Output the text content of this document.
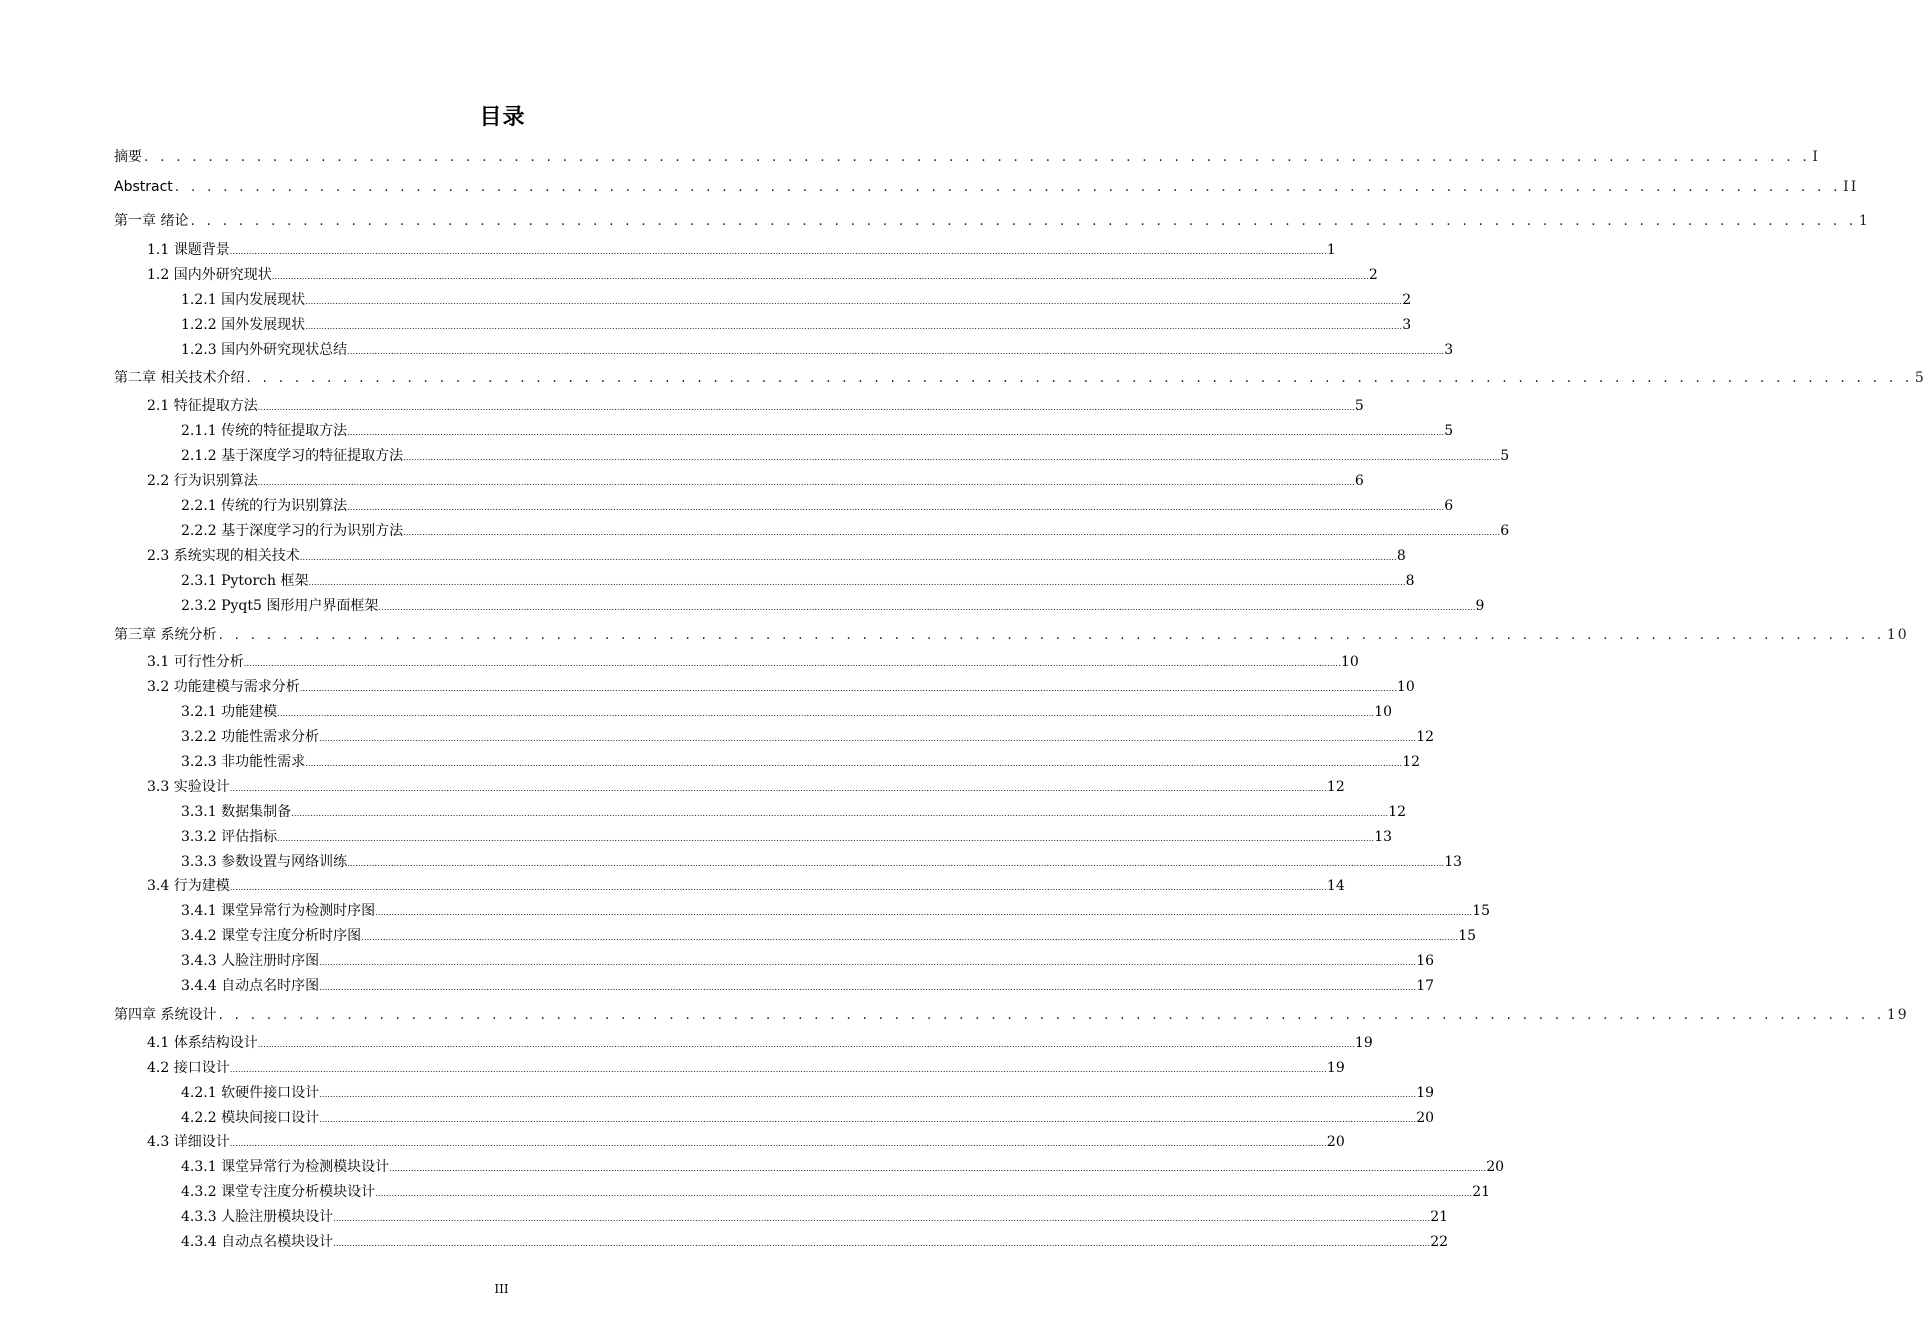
目录
摘要 . . . . . . . . . . . . . . . . . . . . . . . . . . . . . . . . . . . . . . . . . . . . . . . . . . . . . . . . . . . . . . . . . . . . . . . . . . . . . . . . . . . . . . . . . . . . . . . . . . . . . . . . I
Abstract . . . . . . . . . . . . . . . . . . . . . . . . . . . . . . . . . . . . . . . . . . . . . . . . . . . . . . . . . . . . . . . . . . . . . . . . . . . . . . . . . . . . . . . . . . . . . . . . . . . . . . . . II
第一章 绪论 . . . . . . . . . . . . . . . . . . . . . . . . . . . . . . . . . . . . . . . . . . . . . . . . . . . . . . . . . . . . . . . . . . . . . . . . . . . . . . . . . . . . . . . . . . . . . . . . . . . . . . . . 1
1.1 课题背景 ................................................................................................................................................................................................................................................................................................................................................................................................................ 1
1.2 国内外研究现状 ................................................................................................................................................................................................................................................................................................................................................................................................................ 2
1.2.1 国内发展现状 ................................................................................................................................................................................................................................................................................................................................................................................................................ 2
1.2.2 国外发展现状 ................................................................................................................................................................................................................................................................................................................................................................................................................ 3
1.2.3 国内外研究现状总结 ................................................................................................................................................................................................................................................................................................................................................................................................................ 3
第二章 相关技术介绍 . . . . . . . . . . . . . . . . . . . . . . . . . . . . . . . . . . . . . . . . . . . . . . . . . . . . . . . . . . . . . . . . . . . . . . . . . . . . . . . . . . . . . . . . . . . . . . . . . . . . . . . . 5
2.1 特征提取方法 ................................................................................................................................................................................................................................................................................................................................................................................................................ 5
2.1.1 传统的特征提取方法 ................................................................................................................................................................................................................................................................................................................................................................................................................ 5
2.1.2 基于深度学习的特征提取方法 ................................................................................................................................................................................................................................................................................................................................................................................................................ 5
2.2 行为识别算法 ................................................................................................................................................................................................................................................................................................................................................................................................................ 6
2.2.1 传统的行为识别算法 ................................................................................................................................................................................................................................................................................................................................................................................................................ 6
2.2.2 基于深度学习的行为识别方法 ................................................................................................................................................................................................................................................................................................................................................................................................................ 6
2.3 系统实现的相关技术 ................................................................................................................................................................................................................................................................................................................................................................................................................ 8
2.3.1 Pytorch 框架 ................................................................................................................................................................................................................................................................................................................................................................................................................ 8
2.3.2 Pyqt5 图形用户界面框架 ................................................................................................................................................................................................................................................................................................................................................................................................................ 9
第三章 系统分析 . . . . . . . . . . . . . . . . . . . . . . . . . . . . . . . . . . . . . . . . . . . . . . . . . . . . . . . . . . . . . . . . . . . . . . . . . . . . . . . . . . . . . . . . . . . . . . . . . . . . . . . . 10
3.1 可行性分析 ................................................................................................................................................................................................................................................................................................................................................................................................................ 10
3.2 功能建模与需求分析 ................................................................................................................................................................................................................................................................................................................................................................................................................ 10
3.2.1 功能建模 ................................................................................................................................................................................................................................................................................................................................................................................................................ 10
3.2.2 功能性需求分析 ................................................................................................................................................................................................................................................................................................................................................................................................................ 12
3.2.3 非功能性需求 ................................................................................................................................................................................................................................................................................................................................................................................................................ 12
3.3 实验设计 ................................................................................................................................................................................................................................................................................................................................................................................................................ 12
3.3.1 数据集制备 ................................................................................................................................................................................................................................................................................................................................................................................................................ 12
3.3.2 评估指标 ................................................................................................................................................................................................................................................................................................................................................................................................................ 13
3.3.3 参数设置与网络训练 ................................................................................................................................................................................................................................................................................................................................................................................................................ 13
3.4 行为建模 ................................................................................................................................................................................................................................................................................................................................................................................................................ 14
3.4.1 课堂异常行为检测时序图 ................................................................................................................................................................................................................................................................................................................................................................................................................ 15
3.4.2 课堂专注度分析时序图 ................................................................................................................................................................................................................................................................................................................................................................................................................ 15
3.4.3 人脸注册时序图 ................................................................................................................................................................................................................................................................................................................................................................................................................ 16
3.4.4 自动点名时序图 ................................................................................................................................................................................................................................................................................................................................................................................................................ 17
第四章 系统设计 . . . . . . . . . . . . . . . . . . . . . . . . . . . . . . . . . . . . . . . . . . . . . . . . . . . . . . . . . . . . . . . . . . . . . . . . . . . . . . . . . . . . . . . . . . . . . . . . . . . . . . . . 19
4.1 体系结构设计 ................................................................................................................................................................................................................................................................................................................................................................................................................ 19
4.2 接口设计 ................................................................................................................................................................................................................................................................................................................................................................................................................ 19
4.2.1 软硬件接口设计 ................................................................................................................................................................................................................................................................................................................................................................................................................ 19
4.2.2 模块间接口设计 ................................................................................................................................................................................................................................................................................................................................................................................................................ 20
4.3 详细设计 ................................................................................................................................................................................................................................................................................................................................................................................................................ 20
4.3.1 课堂异常行为检测模块设计 ................................................................................................................................................................................................................................................................................................................................................................................................................ 20
4.3.2 课堂专注度分析模块设计 ................................................................................................................................................................................................................................................................................................................................................................................................................ 21
4.3.3 人脸注册模块设计 ................................................................................................................................................................................................................................................................................................................................................................................................................ 21
4.3.4 自动点名模块设计 ................................................................................................................................................................................................................................................................................................................................................................................................................ 22
III
